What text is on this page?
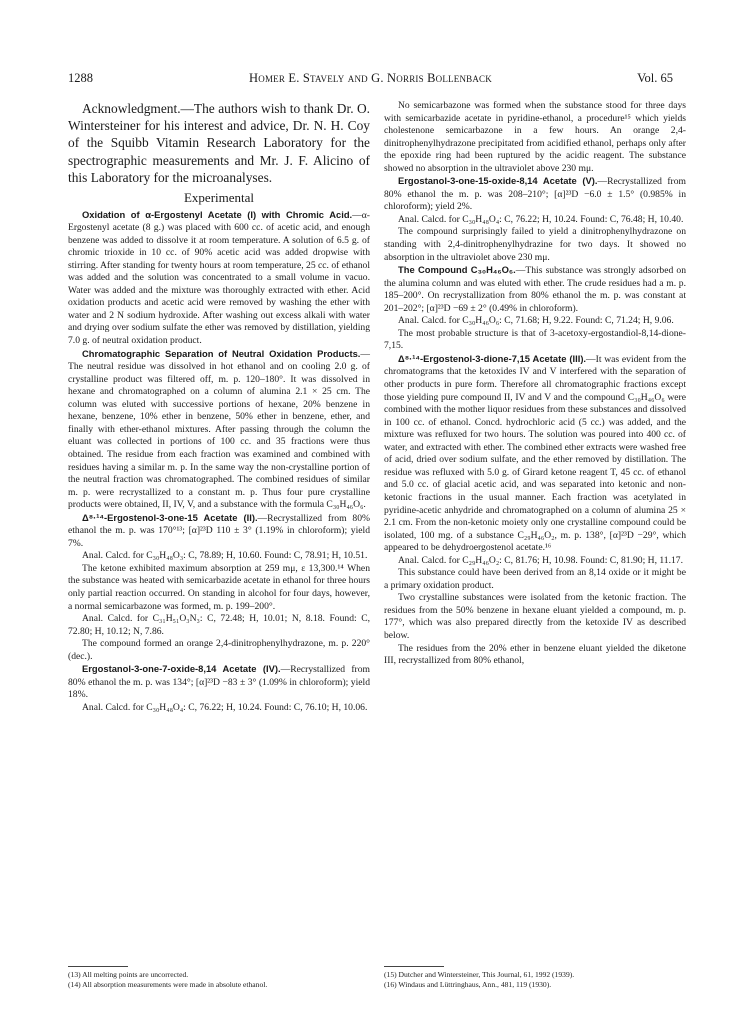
1288	Homer E. Stavely and G. Norris Bollenback	Vol. 65

Acknowledgment.—The authors wish to thank Dr. O. Wintersteiner for his interest and advice, Dr. N. H. Coy of the Squibb Vitamin Research Laboratory for the spectrographic measurements and Mr. J. F. Alicino of this Laboratory for the microanalyses.

Experimental

Oxidation of α-Ergostenyl Acetate (I) with Chromic Acid.—α-Ergostenyl acetate (8 g.) was placed with 600 cc. of acetic acid, and enough benzene was added to dissolve it at room temperature. A solution of 6.5 g. of chromic trioxide in 10 cc. of 90% acetic acid was added dropwise with stirring. After standing for twenty hours at room temperature, 25 cc. of ethanol was added and the solution was concentrated to a small volume in vacuo. Water was added and the mixture was thoroughly extracted with ether. Acid oxidation products and acetic acid were removed by washing the ether with water and 2 N sodium hydroxide. After washing out excess alkali with water and drying over sodium sulfate the ether was removed by distillation, yielding 7.0 g. of neutral oxidation product.

Chromatographic Separation of Neutral Oxidation Products.—The neutral residue was dissolved in hot ethanol and on cooling 2.0 g. of crystalline product was filtered off, m. p. 120–180°. It was dissolved in hexane and chromatographed on a column of alumina 2.1 × 25 cm. The column was eluted with successive portions of hexane, 20% benzene in hexane, benzene, 10% ether in benzene, 50% ether in benzene, ether, and finally with ether-ethanol mixtures. After passing through the column the eluant was collected in portions of 100 cc. and 35 fractions were thus obtained. The residue from each fraction was examined and combined with residues having a similar m. p. In the same way the non-crystalline portion of the neutral fraction was chromatographed. The combined residues of similar m. p. were recrystallized to a constant m. p. Thus four pure crystalline products were obtained, II, IV, V, and a substance with the formula C₃₀H₄₆O₆.

Δ⁸·¹⁴-Ergostenol-3-one-15 Acetate (II).—Recrystallized from 80% ethanol the m. p. was 170°¹³; [α]²³D 110 ± 3° (1.19% in chloroform); yield 7%.

Anal. Calcd. for C₃₀H₄₈O₃: C, 78.89; H, 10.60. Found: C, 78.91; H, 10.51.

The ketone exhibited maximum absorption at 259 mμ, ε 13,300.¹⁴ When the substance was heated with semicarbazide acetate in ethanol for three hours only partial reaction occurred. On standing in alcohol for four days, however, a normal semicarbazone was formed, m. p. 199–200°.

Anal. Calcd. for C₃₁H₅₁O₃N₃: C, 72.48; H, 10.01; N, 8.18. Found: C, 72.80; H, 10.12; N, 7.86.

The compound formed an orange 2,4-dinitrophenylhydrazone, m. p. 220° (dec.).

Ergostanol-3-one-7-oxide-8,14 Acetate (IV).—Recrystallized from 80% ethanol the m. p. was 134°; [α]²³D −83 ± 3° (1.09% in chloroform); yield 18%.

Anal. Calcd. for C₃₀H₄₈O₄: C, 76.22; H, 10.24. Found: C, 76.10; H, 10.06.

No semicarbazone was formed when the substance stood for three days with semicarbazide acetate in pyridine-ethanol, a procedure¹⁵ which yields cholestenone semicarbazone in a few hours. An orange 2,4-dinitrophenylhydrazone precipitated from acidified ethanol, perhaps only after the epoxide ring had been ruptured by the acidic reagent. The substance showed no absorption in the ultraviolet above 230 mμ.

Ergostanol-3-one-15-oxide-8,14 Acetate (V).—Recrystallized from 80% ethanol the m. p. was 208–210°; [α]²³D −6.0 ± 1.5° (0.985% in chloroform); yield 2%.

Anal. Calcd. for C₃₀H₄₈O₄: C, 76.22; H, 10.24. Found: C, 76.48; H, 10.40.

The compound surprisingly failed to yield a dinitrophenylhydrazone on standing with 2,4-dinitrophenylhydrazine for two days. It showed no absorption in the ultraviolet above 230 mμ.

The Compound C₃₀H₄₆O₆.—This substance was strongly adsorbed on the alumina column and was eluted with ether. The crude residues had a m. p. 185–200°. On recrystallization from 80% ethanol the m. p. was constant at 201–202°; [α]²³D −69 ± 2° (0.49% in chloroform).

Anal. Calcd. for C₃₀H₄₆O₆: C, 71.68; H, 9.22. Found: C, 71.24; H, 9.06.

The most probable structure is that of 3-acetoxy-ergostandiol-8,14-dione-7,15.

Δ⁸·¹⁴-Ergostenol-3-dione-7,15 Acetate (III).—It was evident from the chromatograms that the ketoxides IV and V interfered with the separation of other products in pure form. Therefore all chromatographic fractions except those yielding pure compound II, IV and V and the compound C₃₀H₄₆O₆ were combined with the mother liquor residues from these substances and dissolved in 100 cc. of ethanol. Concd. hydrochloric acid (5 cc.) was added, and the mixture was refluxed for two hours. The solution was poured into 400 cc. of water, and extracted with ether. The combined ether extracts were washed free of acid, dried over sodium sulfate, and the ether removed by distillation. The residue was refluxed with 5.0 g. of Girard ketone reagent T, 45 cc. of ethanol and 5.0 cc. of glacial acetic acid, and was separated into ketonic and non-ketonic fractions in the usual manner. Each fraction was acetylated in pyridine-acetic anhydride and chromatographed on a column of alumina 25 × 2.1 cm. From the non-ketonic moiety only one crystalline compound could be isolated, 100 mg. of a substance C₂₉H₄₆O₂, m. p. 138°, [α]²³D −29°, which appeared to be dehydroergostenol acetate.¹⁶

Anal. Calcd. for C₂₉H₄₆O₂: C, 81.76; H, 10.98. Found: C, 81.90; H, 11.17.

This substance could have been derived from an 8,14 oxide or it might be a primary oxidation product.

Two crystalline substances were isolated from the ketonic fraction. The residues from the 50% benzene in hexane eluant yielded a compound, m. p. 177°, which was also prepared directly from the ketoxide IV as described below.

The residues from the 20% ether in benzene eluant yielded the diketone III, recrystallized from 80% ethanol,

(13) All melting points are uncorrected.
(14) All absorption measurements were made in absolute ethanol.
(15) Dutcher and Wintersteiner, This Journal, 61, 1992 (1939).
(16) Windaus and Lüttringhaus, Ann., 481, 119 (1930).
